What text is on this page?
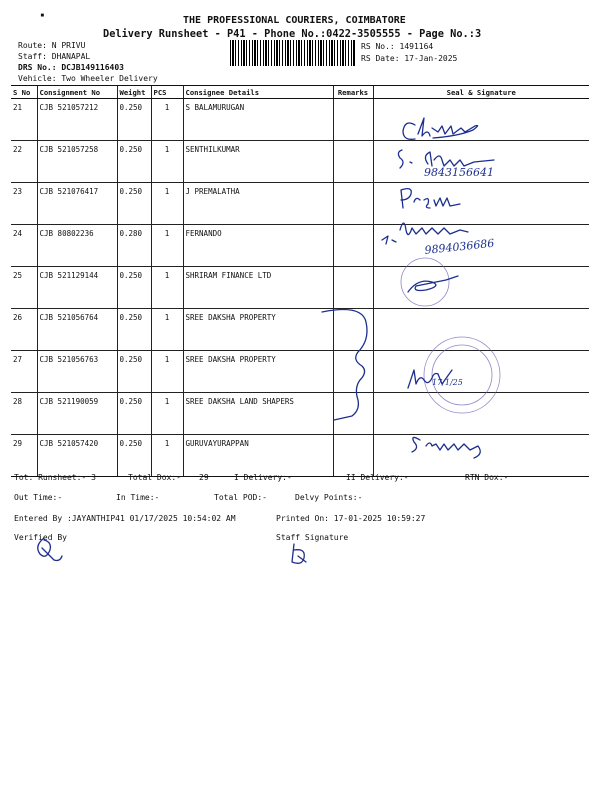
▪
THE PROFESSIONAL COURIERS, COIMBATORE
Delivery Runsheet - P41 - Phone No.:0422-3505555 - Page No.:3
Route: N PRIVU
Staff: DHANAPAL
DRS No.: DCJB149116403
Vehicle: Two Wheeler Delivery
RS No.: 1491164
RS Date: 17-Jan-2025
S No	Consignment No	Weight	PCS	Consignee Details	Remarks	Seal & Signature
21	CJB 521057212	0.250	1	S BALAMURUGAN		
22	CJB 521057258	0.250	1	SENTHILKUMAR		
23	CJB 521076417	0.250	1	J PREMALATHA		
24	CJB 80802236	0.280	1	FERNANDO		
25	CJB 521129144	0.250	1	SHRIRAM FINANCE LTD		
26	CJB 521056764	0.250	1	SREE DAKSHA PROPERTY		
27	CJB 521056763	0.250	1	SREE DAKSHA PROPERTY		
28	CJB 521190059	0.250	1	SREE DAKSHA LAND SHAPERS		
29	CJB 521057420	0.250	1	GURUVAYURAPPAN		
9843156641
9894036686
17/1/25
Tot. Runsheet:- 3	Total Dox:- 29	I Delivery:-	II Delivery:-	RTN Dox:-
Out Time:-	In Time:-	Total POD:-	Delvy Points:-
Entered By :JAYANTHIP41 01/17/2025 10:54:02 AM	Printed On: 17-01-2025 10:59:27
Verified By	Staff Signature
